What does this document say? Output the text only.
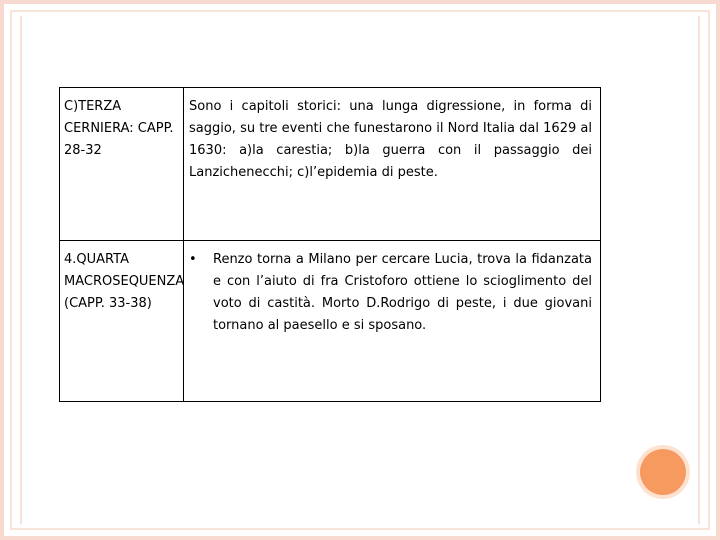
C)TERZA CERNIERA: CAPP. 28-32	Sono i capitoli storici: una lunga digressione, in forma di saggio, su tre eventi che funestarono il Nord Italia dal 1629 al 1630: a)la carestia; b)la guerra con il passaggio dei Lanzichenecchi; c)l’epidemia di peste.
4.QUARTA MACROSEQUENZA (CAPP. 33-38)	• Renzo torna a Milano per cercare Lucia, trova la fidanzata e con l’aiuto di fra Cristoforo ottiene lo scioglimento del voto di castità. Morto D.Rodrigo di peste, i due giovani tornano al paesello e si sposano.
